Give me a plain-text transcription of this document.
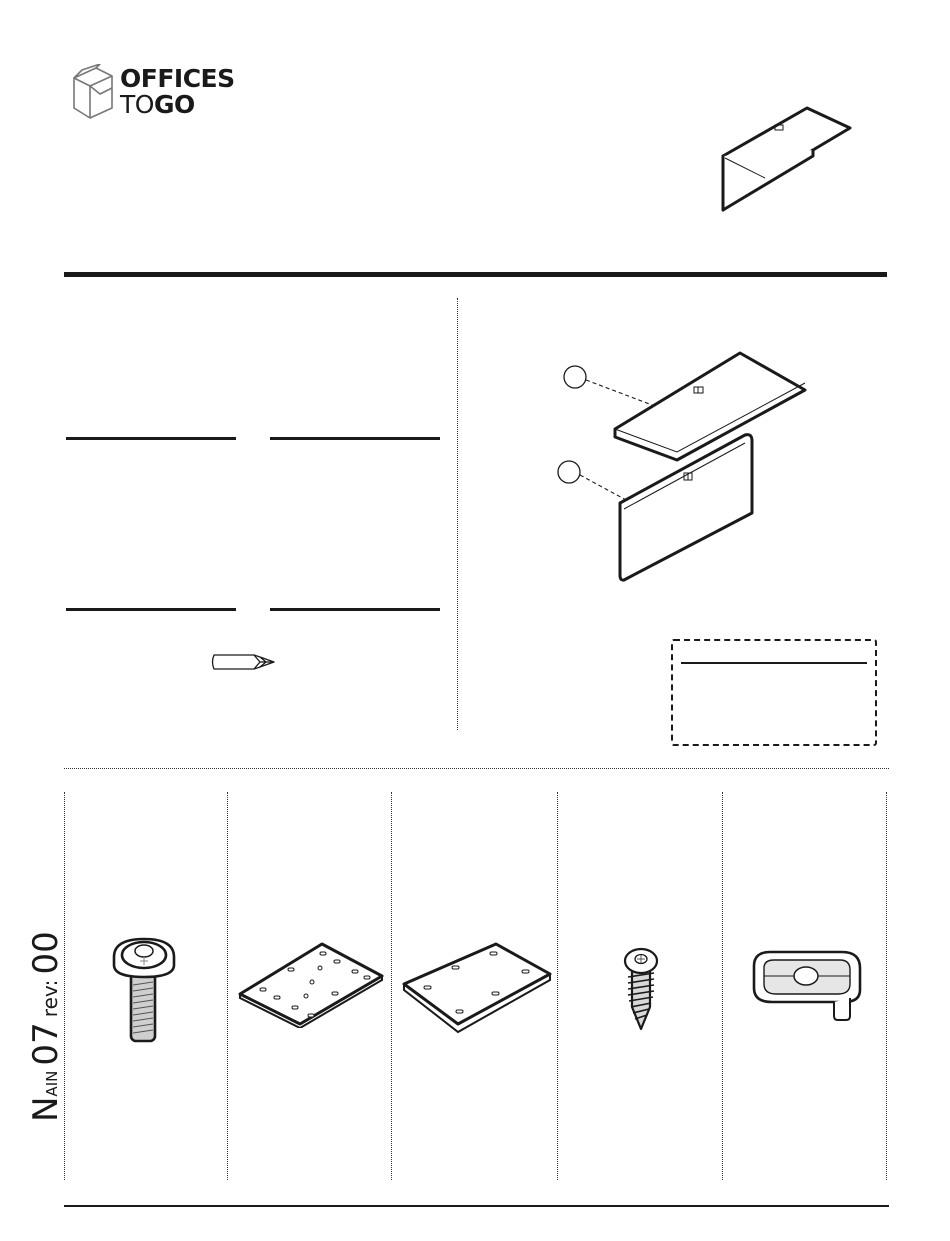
OFFICES
TOGO
NAIN 07 rev: 00
